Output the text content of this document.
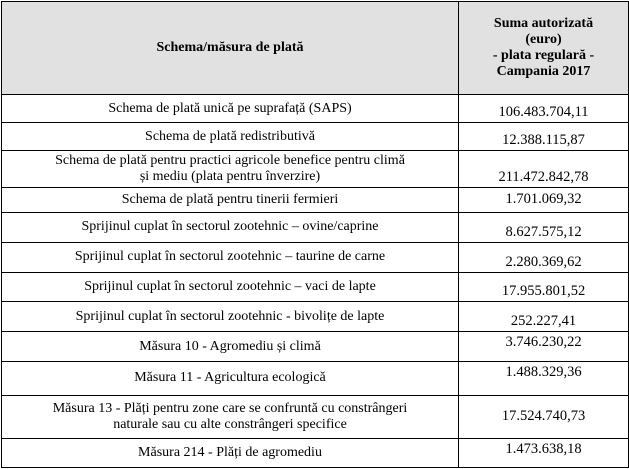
Schema/măsura de plată	Suma autorizată
(euro)
- plata regulară -
Campania 2017

Schema de plată unică pe suprafață (SAPS)	106.483.704,11
Schema de plată redistributivă	12.388.115,87

Schema de plată pentru practici agricole benefice pentru climă
și mediu (plata pentru înverzire)	211.472.842,78
Schema de plată pentru tinerii fermieri	1.701.069,32
Sprijinul cuplat în sectorul zootehnic – ovine/caprine	8.627.575,12
Sprijinul cuplat în sectorul zootehnic – taurine de carne	2.280.369,62
Sprijinul cuplat în sectorul zootehnic – vaci de lapte	17.955.801,52
Sprijinul cuplat în sectorul zootehnic - bivolițe de lapte	252.227,41
Măsura 10 - Agromediu și climă	3.746.230,22
Măsura 11 - Agricultura ecologică	1.488.329,36

Măsura 13 - Plăți pentru zone care se confruntă cu constrângeri
naturale sau cu alte constrângeri specifice	17.524.740,73
Măsura 214 - Plăți de agromediu	1.473.638,18
